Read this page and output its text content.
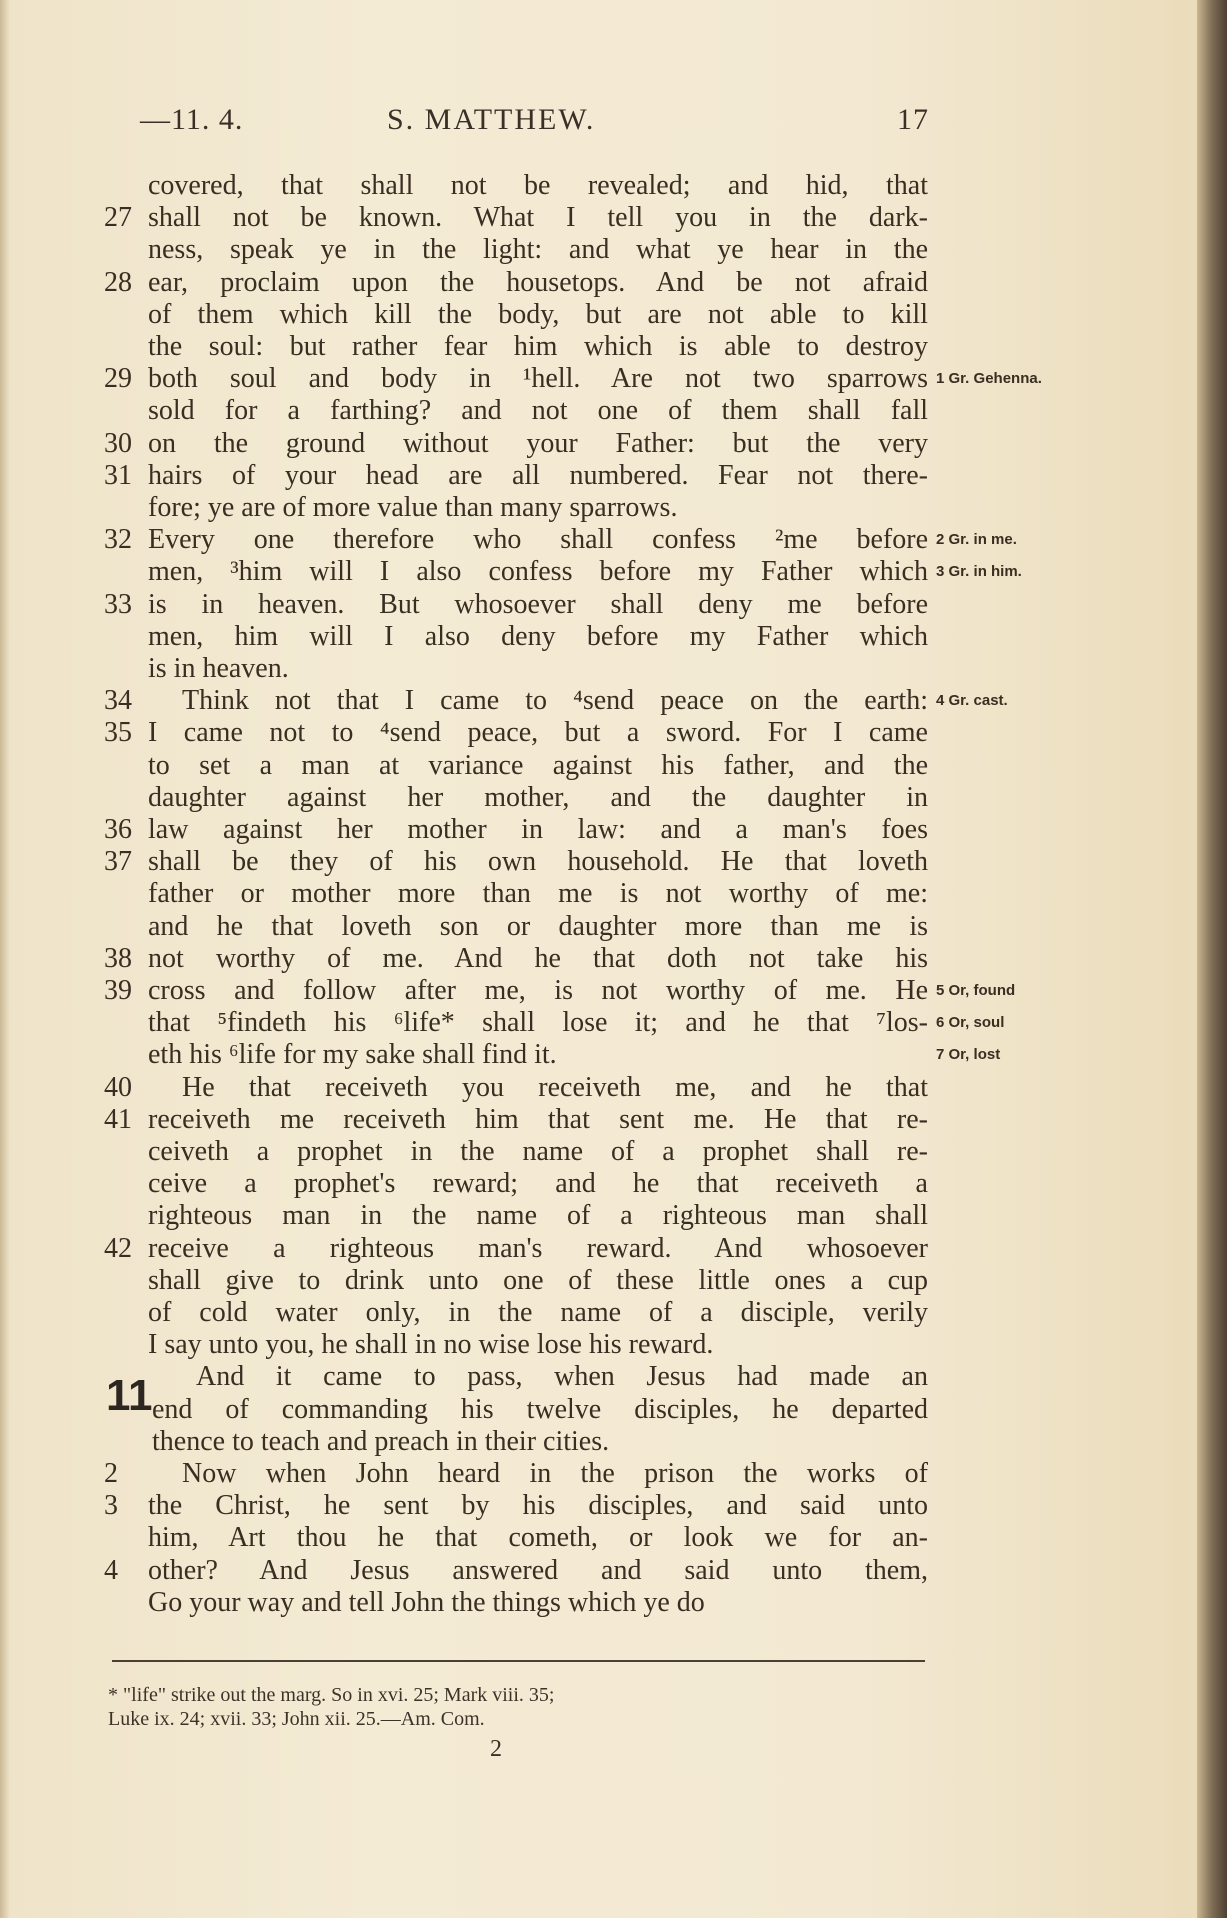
—11. 4.	S. MATTHEW.	17
covered, that shall not be revealed; and hid, that
27 shall not be known. What I tell you in the dark-
ness, speak ye in the light: and what ye hear in the
28 ear, proclaim upon the housetops. And be not afraid
of them which kill the body, but are not able to kill
the soul: but rather fear him which is able to destroy
29 both soul and body in ¹hell. Are not two sparrows 1 Gr. Gehenna.
sold for a farthing? and not one of them shall fall
30 on the ground without your Father: but the very
31 hairs of your head are all numbered. Fear not there-
fore; ye are of more value than many sparrows.
32 Every one therefore who shall confess ²me before 2 Gr. in me.
men, ³him will I also confess before my Father which 3 Gr. in him.
33 is in heaven. But whosoever shall deny me before
men, him will I also deny before my Father which
is in heaven.
34	Think not that I came to ⁴send peace on the earth: 4 Gr. cast.
35 I came not to ⁴send peace, but a sword. For I came
to set a man at variance against his father, and the
daughter against her mother, and the daughter in
36 law against her mother in law: and a man's foes
37 shall be they of his own household. He that loveth
father or mother more than me is not worthy of me:
and he that loveth son or daughter more than me is
38 not worthy of me. And he that doth not take his
39 cross and follow after me, is not worthy of me. He 5 Or, found
that ⁵findeth his ⁶life* shall lose it; and he that ⁷los- 6 Or, soul
eth his ⁶life for my sake shall find it.	7 Or, lost
40	He that receiveth you receiveth me, and he that
41 receiveth me receiveth him that sent me. He that re-
ceiveth a prophet in the name of a prophet shall re-
ceive a prophet's reward; and he that receiveth a
righteous man in the name of a righteous man shall
42 receive a righteous man's reward. And whosoever
shall give to drink unto one of these little ones a cup
of cold water only, in the name of a disciple, verily
I say unto you, he shall in no wise lose his reward.
And it came to pass, when Jesus had made an
end of commanding his twelve disciples, he departed
thence to teach and preach in their cities.
2	Now when John heard in the prison the works of
3	the Christ, he sent by his disciples, and said unto
him, Art thou he that cometh, or look we for an-
4	other? And Jesus answered and said unto them,
Go your way and tell John the things which ye do
11
* "life" strike out the marg. So in xvi. 25; Mark viii. 35;
Luke ix. 24; xvii. 33; John xii. 25.—Am. Com.
2
